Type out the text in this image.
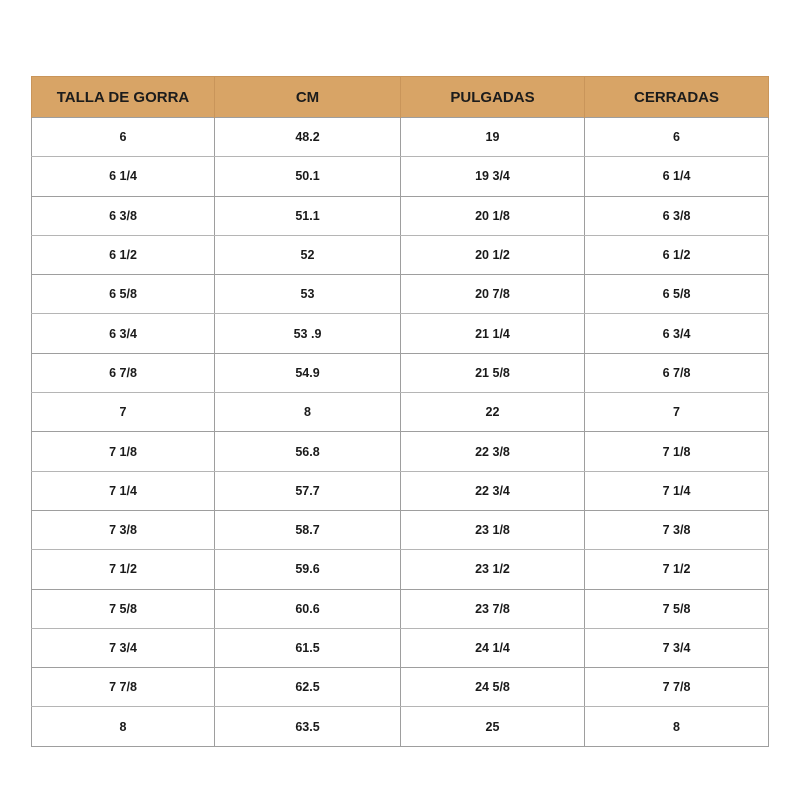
TALLA DE GORRA	CM	PULGADAS	CERRADAS
6	48.2	19	6
6 1/4	50.1	19 3/4	6 1/4
6 3/8	51.1	20 1/8	6 3/8
6 1/2	52	20 1/2	6 1/2
6 5/8	53	20 7/8	6 5/8
6 3/4	53 .9	21 1/4	6 3/4
6 7/8	54.9	21 5/8	6 7/8
7	8	22	7
7 1/8	56.8	22 3/8	7 1/8
7 1/4	57.7	22 3/4	7 1/4
7 3/8	58.7	23 1/8	7 3/8
7 1/2	59.6	23 1/2	7 1/2
7 5/8	60.6	23 7/8	7 5/8
7 3/4	61.5	24 1/4	7 3/4
7 7/8	62.5	24 5/8	7 7/8
8	63.5	25	8
